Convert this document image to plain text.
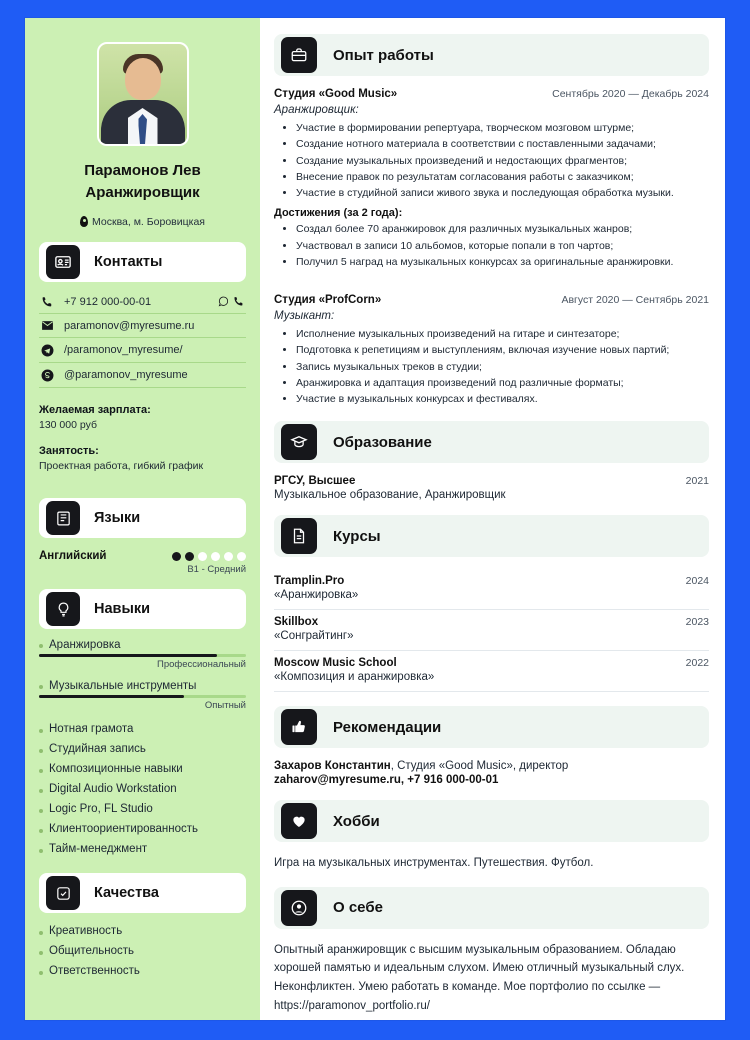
Парамонов Лев
Аранжировщик
Москва, м. Боровицкая
Контакты
+7 912 000-00-01
paramonov@myresume.ru
/paramonov_myresume/
@paramonov_myresume
Желаемая зарплата:
130 000 руб
Занятость:
Проектная работа, гибкий график
Языки
Английский
B1 - Средний
Навыки
Аранжировка
Профессиональный
Музыкальные инструменты
Опытный
Нотная грамота
Студийная запись
Композиционные навыки
Digital Audio Workstation
Logic Pro, FL Studio
Клиентоориентированность
Тайм-менеджмент
Качества
Креативность
Общительность
Ответственность
Опыт работы
Студия «Good Music»	Сентябрь 2020 — Декабрь 2024
Аранжировщик:
• Участие в формировании репертуара, творческом мозговом штурме;
• Создание нотного материала в соответствии с поставленными задачами;
• Создание музыкальных произведений и недостающих фрагментов;
• Внесение правок по результатам согласования работы с заказчиком;
• Участие в студийной записи живого звука и последующая обработка музыки.
Достижения (за 2 года):
• Создал более 70 аранжировок для различных музыкальных жанров;
• Участвовал в записи 10 альбомов, которые попали в топ чартов;
• Получил 5 наград на музыкальных конкурсах за оригинальные аранжировки.
Студия «ProfCorn»	Август 2020 — Сентябрь 2021
Музыкант:
• Исполнение музыкальных произведений на гитаре и синтезаторе;
• Подготовка к репетициям и выступлениям, включая изучение новых партий;
• Запись музыкальных треков в студии;
• Аранжировка и адаптация произведений под различные форматы;
• Участие в музыкальных конкурсах и фестивалях.
Образование
РГСУ, Высшее	2021
Музыкальное образование, Аранжировщик
Курсы
Tramplin.Pro	2024
«Аранжировка»
Skillbox	2023
«Сонграйтинг»
Moscow Music School	2022
«Композиция и аранжировка»
Рекомендации
Захаров Константин, Студия «Good Music», директор
zaharov@myresume.ru, +7 916 000-00-01
Хобби
Игра на музыкальных инструментах. Путешествия. Футбол.
О себе
Опытный аранжировщик с высшим музыкальным образованием. Обладаю хорошей памятью и идеальным слухом. Имею отличный музыкальный слух. Неконфликтен. Умею работать в команде. Мое портфолио по ссылке — https://paramonov_portfolio.ru/
